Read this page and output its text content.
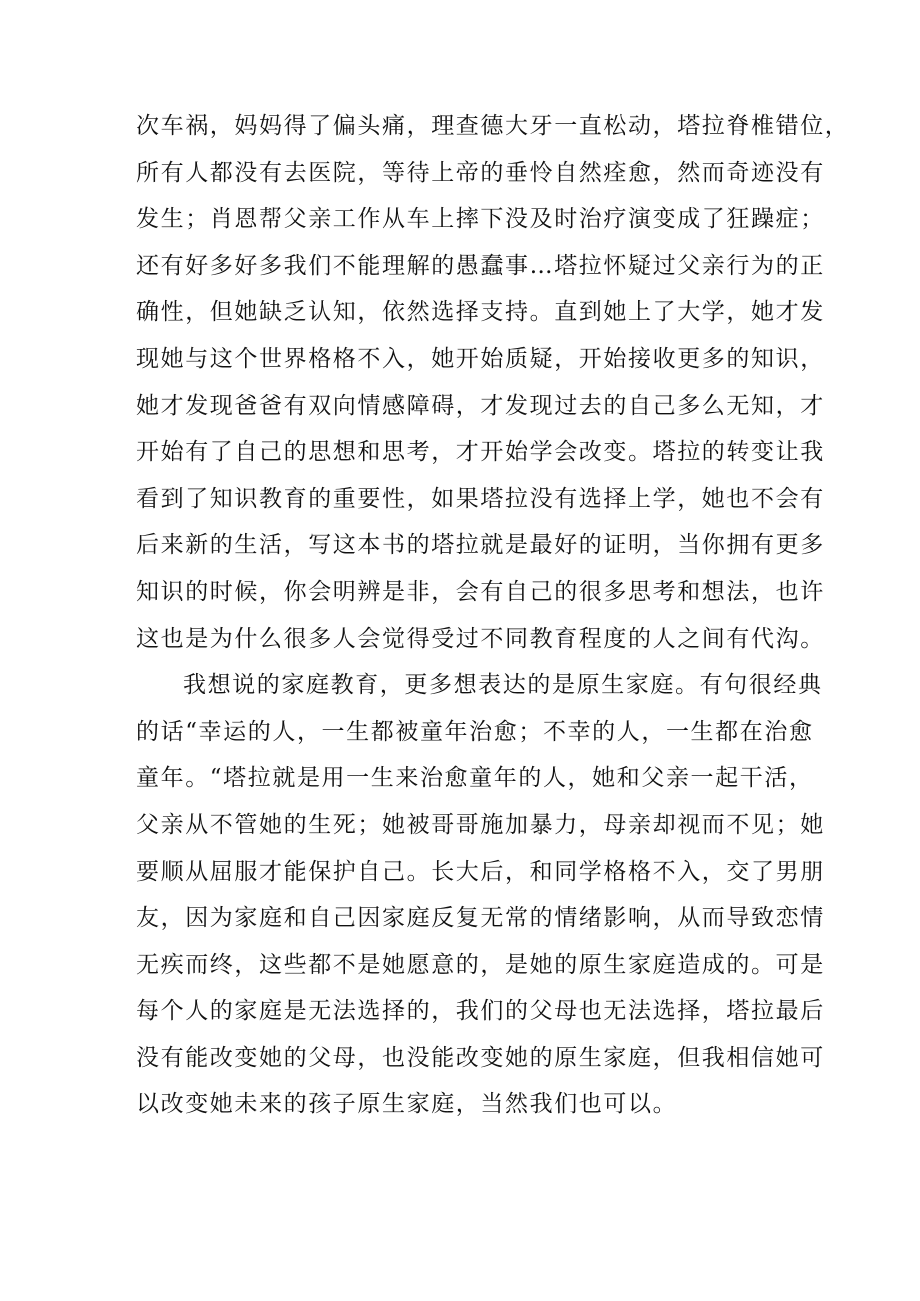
次车祸，妈妈得了偏头痛，理查德大牙一直松动，塔拉脊椎错位，
所有人都没有去医院，等待上帝的垂怜自然痊愈，然而奇迹没有
发生；肖恩帮父亲工作从车上摔下没及时治疗演变成了狂躁症；
还有好多好多我们不能理解的愚蠢事…塔拉怀疑过父亲行为的正
确性，但她缺乏认知，依然选择支持。直到她上了大学，她才发
现她与这个世界格格不入，她开始质疑，开始接收更多的知识，
她才发现爸爸有双向情感障碍，才发现过去的自己多么无知，才
开始有了自己的思想和思考，才开始学会改变。塔拉的转变让我
看到了知识教育的重要性，如果塔拉没有选择上学，她也不会有
后来新的生活，写这本书的塔拉就是最好的证明，当你拥有更多
知识的时候，你会明辨是非，会有自己的很多思考和想法，也许
这也是为什么很多人会觉得受过不同教育程度的人之间有代沟。
我想说的家庭教育，更多想表达的是原生家庭。有句很经典
的话“幸运的人，一生都被童年治愈；不幸的人，一生都在治愈
童年。“塔拉就是用一生来治愈童年的人，她和父亲一起干活，
父亲从不管她的生死；她被哥哥施加暴力，母亲却视而不见；她
要顺从屈服才能保护自己。长大后，和同学格格不入，交了男朋
友，因为家庭和自己因家庭反复无常的情绪影响，从而导致恋情
无疾而终，这些都不是她愿意的，是她的原生家庭造成的。可是
每个人的家庭是无法选择的，我们的父母也无法选择，塔拉最后
没有能改变她的父母，也没能改变她的原生家庭，但我相信她可
以改变她未来的孩子原生家庭，当然我们也可以。
